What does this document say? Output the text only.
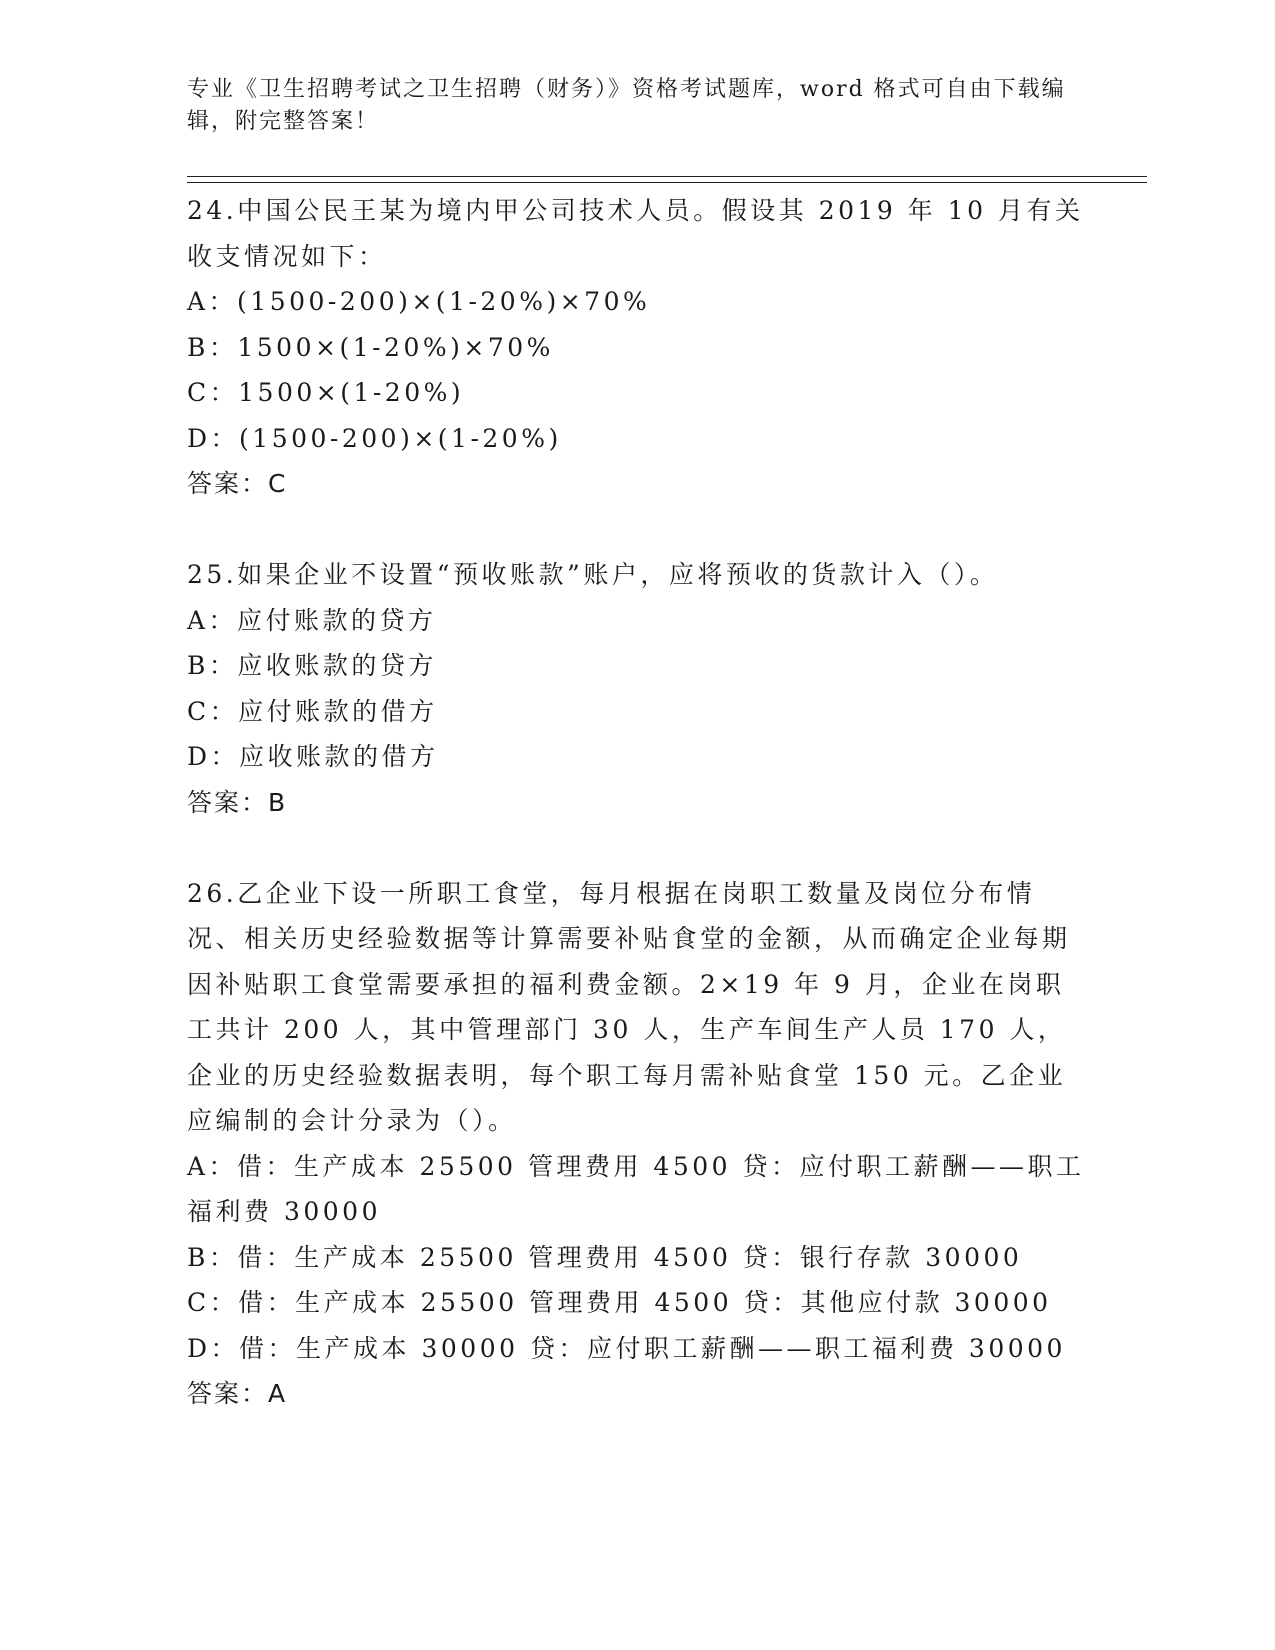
专业《卫生招聘考试之卫生招聘（财务）》资格考试题库，word 格式可自由下载编辑，附完整答案！
24.中国公民王某为境内甲公司技术人员。假设其 2019 年 10 月有关收支情况如下：
A：(1500-200)×(1-20%)×70%
B：1500×(1-20%)×70%
C：1500×(1-20%)
D：(1500-200)×(1-20%)
答案：C
25.如果企业不设置“预收账款”账户，应将预收的货款计入（）。
A：应付账款的贷方
B：应收账款的贷方
C：应付账款的借方
D：应收账款的借方
答案：B
26.乙企业下设一所职工食堂，每月根据在岗职工数量及岗位分布情况、相关历史经验数据等计算需要补贴食堂的金额，从而确定企业每期因补贴职工食堂需要承担的福利费金额。2×19 年 9 月，企业在岗职工共计 200 人，其中管理部门 30 人，生产车间生产人员 170 人，企业的历史经验数据表明，每个职工每月需补贴食堂 150 元。乙企业应编制的会计分录为（）。
A：借：生产成本 25500 管理费用 4500 贷：应付职工薪酬——职工福利费 30000
B：借：生产成本 25500 管理费用 4500 贷：银行存款 30000
C：借：生产成本 25500 管理费用 4500 贷：其他应付款 30000
D：借：生产成本 30000 贷：应付职工薪酬——职工福利费 30000
答案：A
